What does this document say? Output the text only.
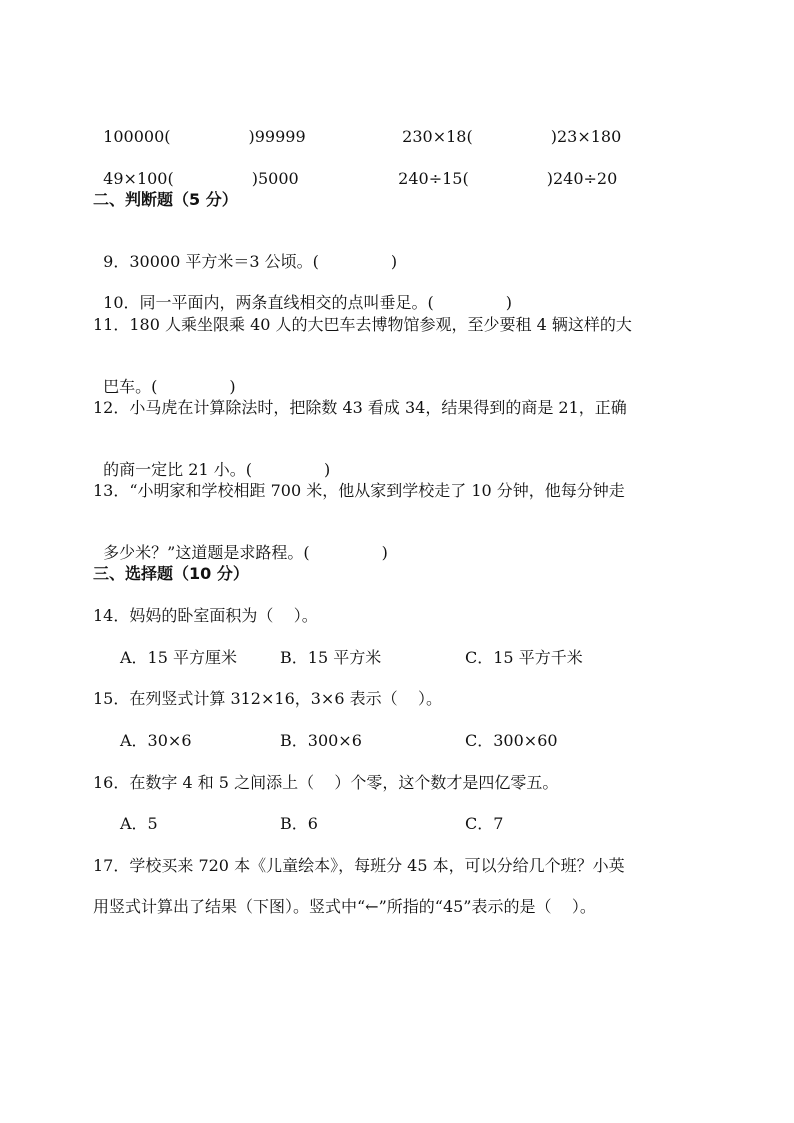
100000(	)99999	230×18(	)23×180

49×100(	)5000	240÷15(	)240÷20

二、判断题（5 分）

9．30000 平方米＝3 公顷。(	)

10．同一平面内，两条直线相交的点叫垂足。(	)

11．180 人乘坐限乘 40 人的大巴车去博物馆参观，至少要租 4 辆这样的大

巴车。(	)

12．小马虎在计算除法时，把除数 43 看成 34，结果得到的商是 21，正确

的商一定比 21 小。(	)

13．“小明家和学校相距 700 米，他从家到学校走了 10 分钟，他每分钟走

多少米？”这道题是求路程。(	)

三、选择题（10 分）
14．妈妈的卧室面积为（    ）。
A．15 平方厘米	B．15 平方米	C．15 平方千米
15．在列竖式计算 312×16，3×6 表示（    ）。
A．30×6	B．300×6	C．300×60
16．在数字 4 和 5 之间添上（    ）个零，这个数才是四亿零五。
A．5	B．6	C．7
17．学校买来 720 本《儿童绘本》，每班分 45 本，可以分给几个班？小英
用竖式计算出了结果（下图）。竖式中“←”所指的“45”表示的是（    ）。
